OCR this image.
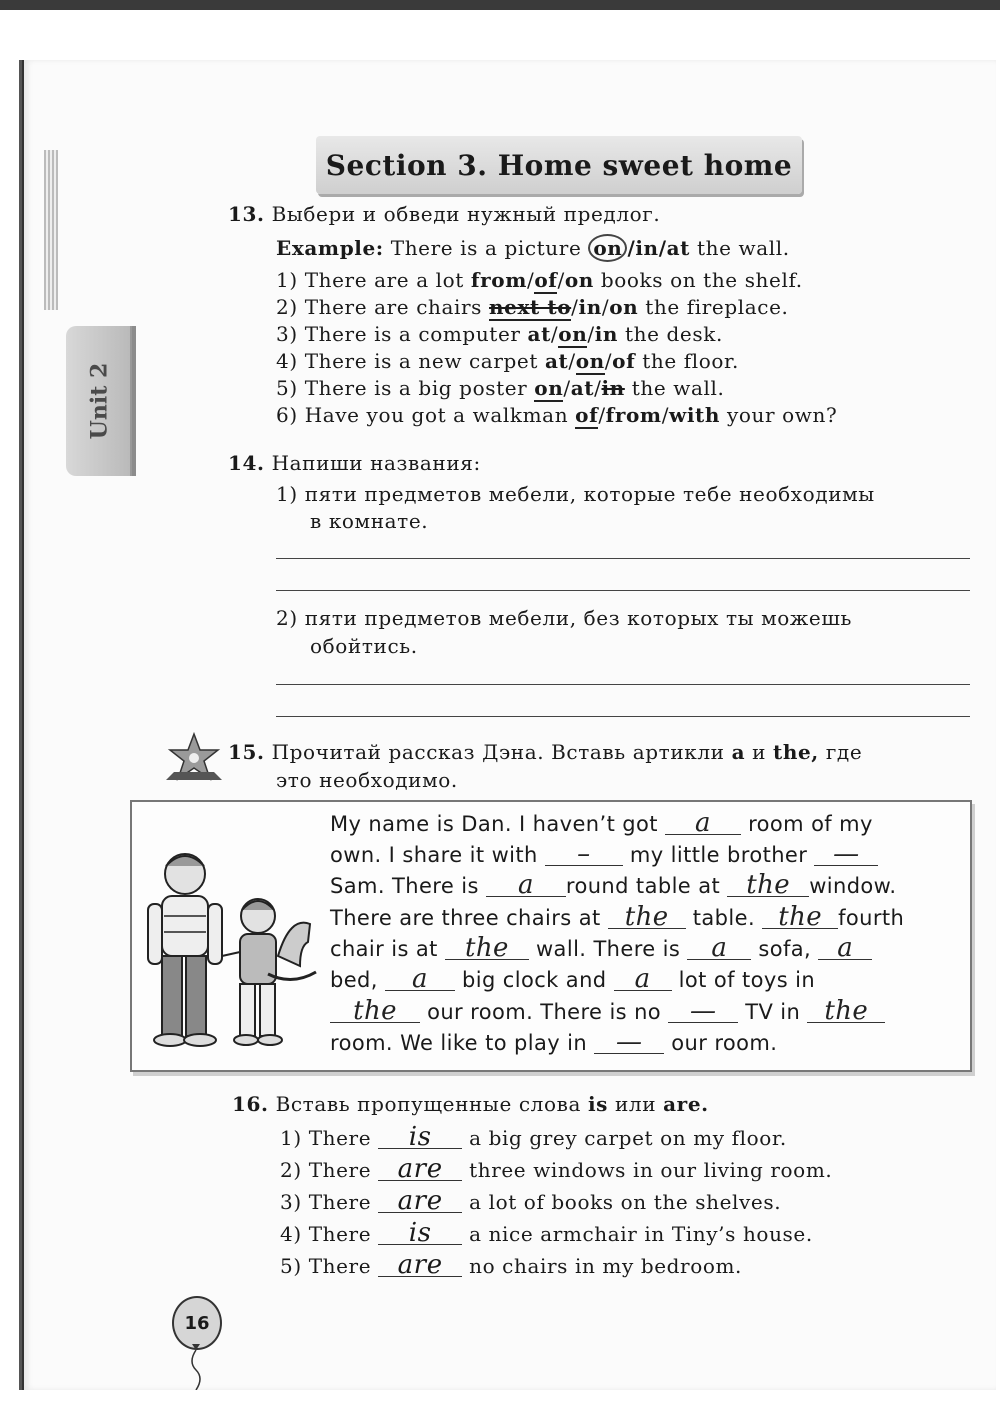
Unit 2
Section 3. Home sweet home
13. Выбери и обведи нужный предлог.
Example: There is a picture on /in/at the wall.
1) There are a lot from/of/on books on the shelf.
2) There are chairs next to/in/on the fireplace.
3) There is a computer at/on/in the desk.
4) There is a new carpet at/on/of the floor.
5) There is a big poster on/at/in the wall.
6) Have you got a walkman of/from/with your own?
14. Напиши названия:
1) пяти предметов мебели, которые тебе необходимы
в комнате.
2) пяти предметов мебели, без которых ты можешь
обойтись.
15. Прочитай рассказ Дэна. Вставь артикли a и the, где
это необходимо.
My name is Dan. I haven’t got a room of my
own. I share it with – my little brother —
Sam. There is a round table at the window.
There are three chairs at the table. the fourth
chair is at the wall. There is a sofa, a
bed, a big clock and a lot of toys in
the our room. There is no — TV in the
room. We like to play in — our room.
16. Вставь пропущенные слова is или are.
1) There is a big grey carpet on my floor.
2) There are three windows in our living room.
3) There are a lot of books on the shelves.
4) There is a nice armchair in Tiny’s house.
5) There are no chairs in my bedroom.
16
